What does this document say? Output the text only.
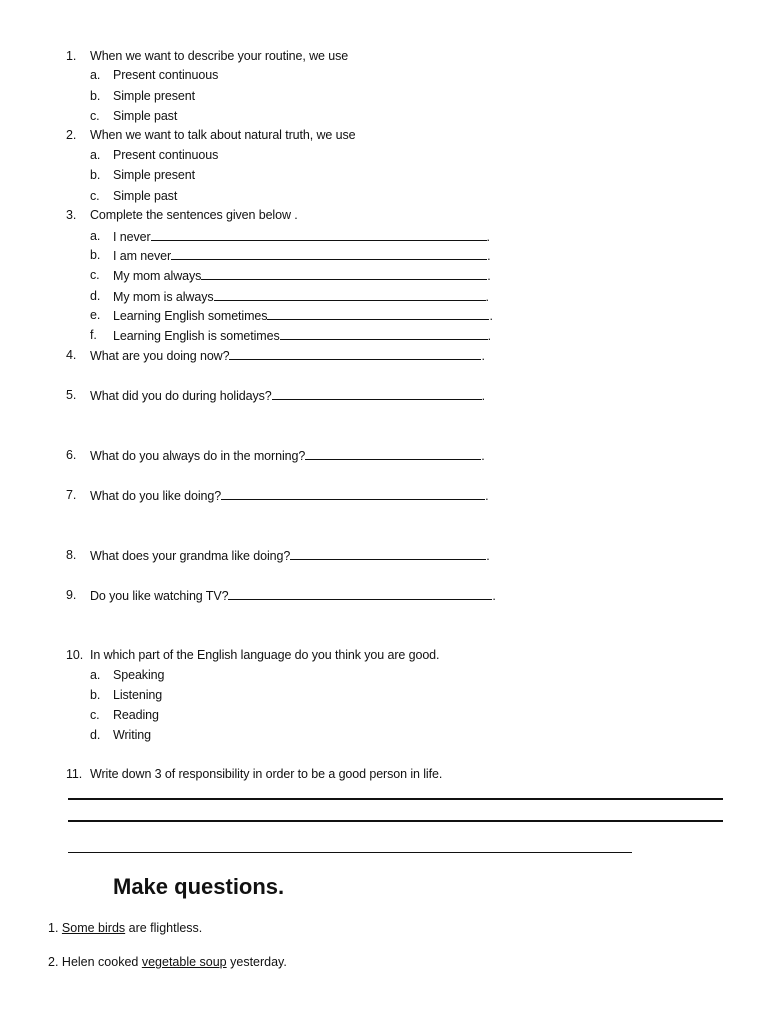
1. When we want to describe your routine, we use
a. Present continuous
b. Simple present
c. Simple past
2. When we want to talk about natural truth, we use
a. Present continuous
b. Simple present
c. Simple past
3. Complete the sentences given below .
a. I never	.
b. I am never	.
c. My mom always	.
d. My mom is always	.
e. Learning English sometimes	.
f. Learning English is sometimes	.
4. What are you doing now?	.
5. What did you do during holidays?	.
6. What do you always do in the morning?	.
7. What do you like doing?	.
8. What does your grandma like doing?	.
9. Do you like watching TV?	.
10. In which part of the English language do you think you are good.
a. Speaking
b. Listening
c. Reading
d. Writing
11. Write down 3 of responsibility in order to be a good person in life.
Make questions.
1. Some birds are flightless.
2. Helen cooked vegetable soup yesterday.
